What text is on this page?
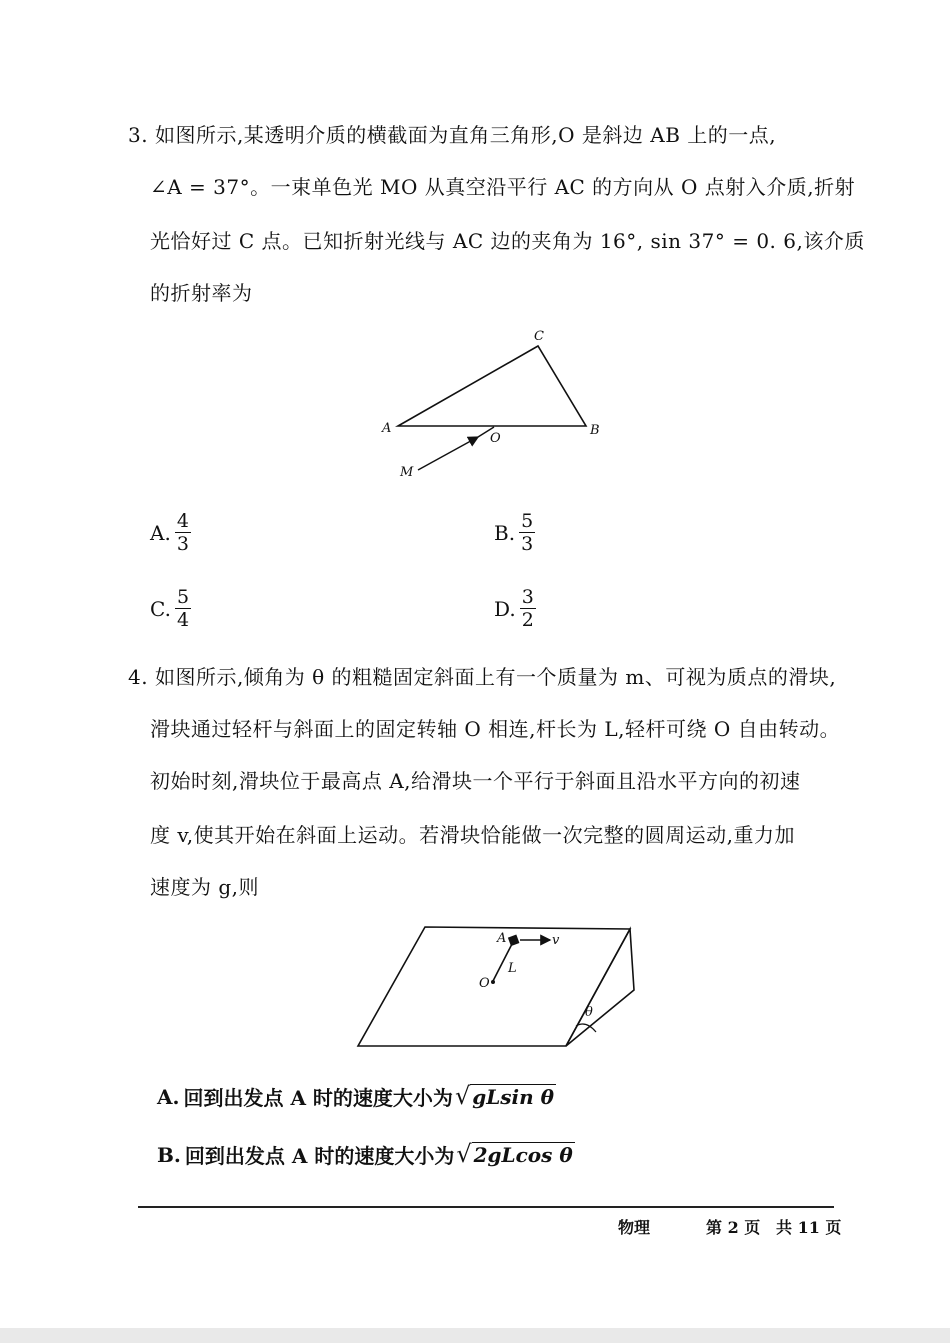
3. 如图所示,某透明介质的横截面为直角三角形,O 是斜边 AB 上的一点,
∠A = 37°。一束单色光 MO 从真空沿平行 AC 的方向从 O 点射入介质,折射
光恰好过 C 点。已知折射光线与 AC 边的夹角为 16°, sin 37° = 0. 6,该介质
的折射率为
A	B
C
O
M
A. $\frac{4}{3}$	B. $\frac{5}{3}$
C. $\frac{5}{4}$	D. $\frac{3}{2}$
4. 如图所示,倾角为 θ 的粗糙固定斜面上有一个质量为 m、可视为质点的滑块,
滑块通过轻杆与斜面上的固定转轴 O 相连,杆长为 L,轻杆可绕 O 自由转动。
初始时刻,滑块位于最高点 A,给滑块一个平行于斜面且沿水平方向的初速
度 v,使其开始在斜面上运动。若滑块恰能做一次完整的圆周运动,重力加
速度为 g,则
A	v
L
O
θ
A. 回到出发点 A 时的速度大小为 √ gLsin θ
B. 回到出发点 A 时的速度大小为 √ 2gLcos θ
物理	第 2 页 共 11 页
